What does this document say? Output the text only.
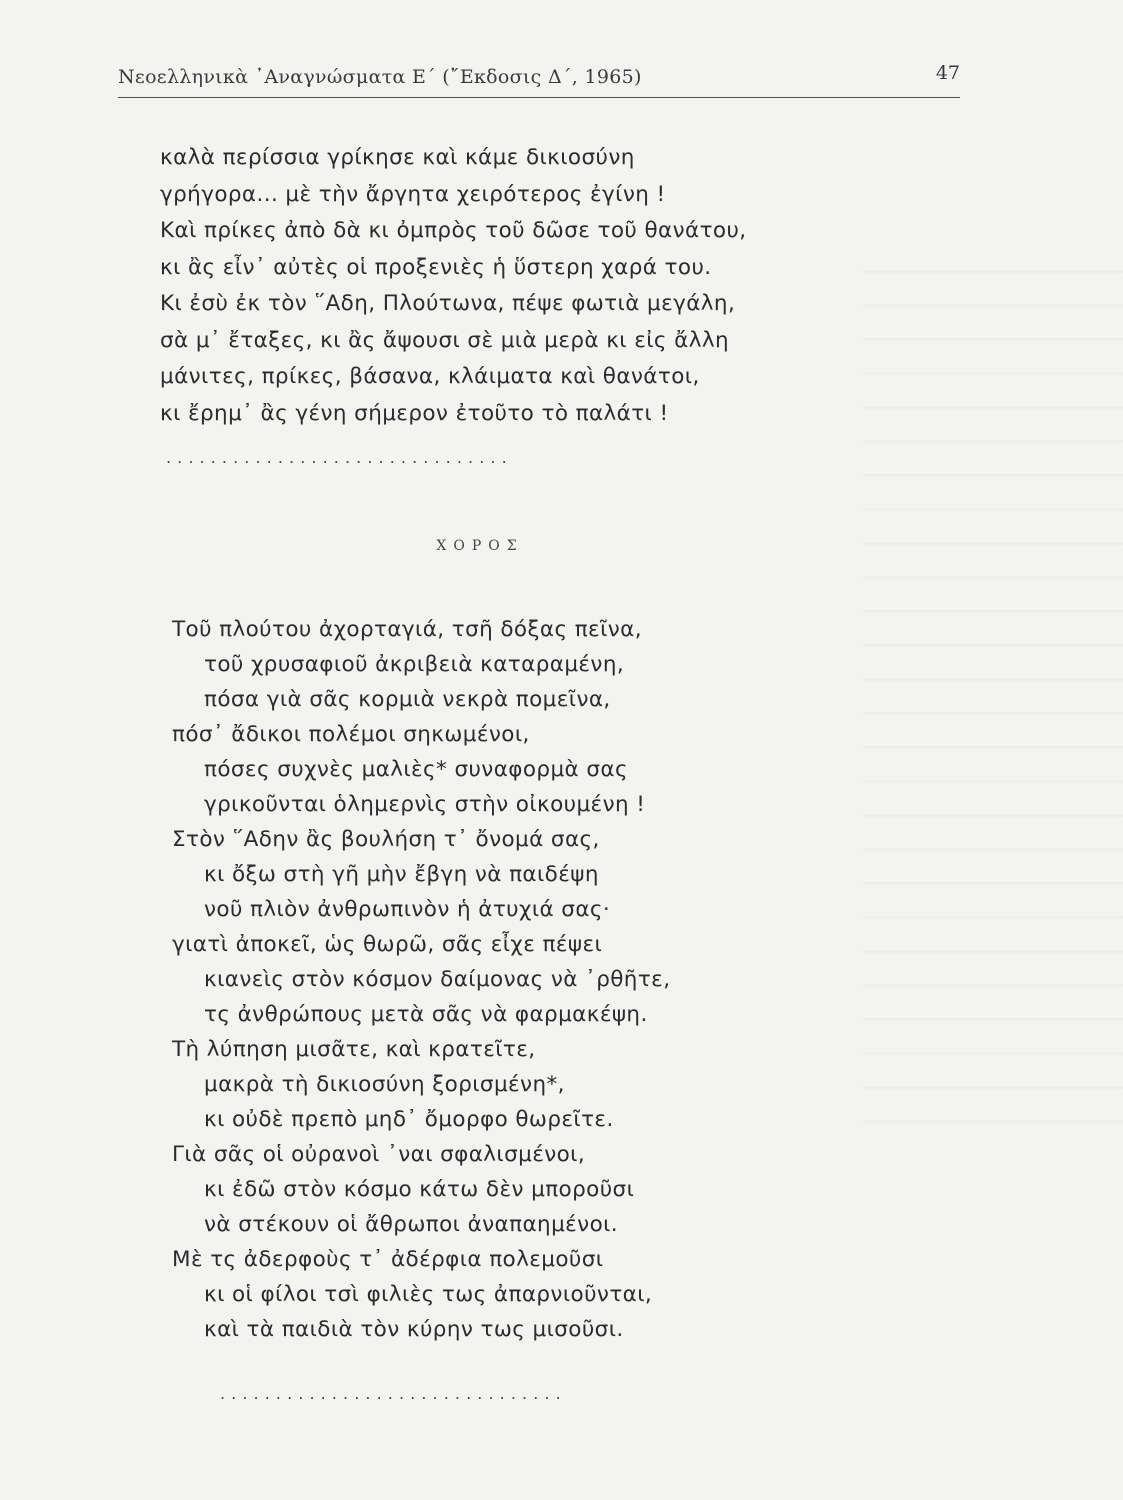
Νεοελληνικὰ ᾿Αναγνώσματα Ε΄ (῎Εκδοσις Δ΄, 1965)	47
καλὰ περίσσια γρίκησε καὶ κάμε δικιοσύνη
γρήγορα... μὲ τὴν ἄργητα χειρότερος ἐγίνη !
Καὶ πρίκες ἀπὸ δὰ κι ὀμπρὸς τοῦ δῶσε τοῦ θανάτου,
κι ἂς εἶν᾿ αὐτὲς οἱ προξενιὲς ἡ ὕστερη χαρά του.
Κι ἐσὺ ἐκ τὸν ῞Αδη, Πλούτωνα, πέψε φωτιὰ μεγάλη,
σὰ μ᾿ ἔταξες, κι ἂς ἄψουσι σὲ μιὰ μερὰ κι εἰς ἄλλη
μάνιτες, πρίκες, βάσανα, κλάιματα καὶ θανάτοι,
κι ἔρημ᾿ ἂς γένη σήμερον ἐτοῦτο τὸ παλάτι !
...............................
ΧΟΡΟΣ
Τοῦ πλούτου ἀχορταγιά, τσῆ δόξας πεῖνα,
τοῦ χρυσαφιοῦ ἀκριβειὰ καταραμένη,
πόσα γιὰ σᾶς κορμιὰ νεκρὰ πομεῖνα,
πόσ᾿ ἄδικοι πολέμοι σηκωμένοι,
πόσες συχνὲς μαλιὲς* συναφορμὰ σας
γρικοῦνται ὁλημερνὶς στὴν οἰκουμένη !
Στὸν ῞Αδην ἂς βουλήση τ᾿ ὄνομά σας,
κι ὄξω στὴ γῆ μὴν ἔβγη νὰ παιδέψη
νοῦ πλιὸν ἀνθρωπινὸν ἡ ἀτυχιά σας·
γιατὶ ἀποκεῖ, ὡς θωρῶ, σᾶς εἶχε πέψει
κιανεὶς στὸν κόσμον δαίμονας νὰ ᾿ρθῆτε,
τς ἀνθρώπους μετὰ σᾶς νὰ φαρμακέψη.
Τὴ λύπηση μισᾶτε, καὶ κρατεῖτε,
μακρὰ τὴ δικιοσύνη ξορισμένη*,
κι οὐδὲ πρεπὸ μηδ᾿ ὄμορφο θωρεῖτε.
Γιὰ σᾶς οἱ οὐρανοὶ ᾿ναι σφαλισμένοι,
κι ἐδῶ στὸν κόσμο κάτω δὲν μποροῦσι
νὰ στέκουν οἱ ἄθρωποι ἀναπαημένοι.
Μὲ τς ἀδερφοὺς τ᾿ ἀδέρφια πολεμοῦσι
κι οἱ φίλοι τσὶ φιλιὲς τως ἀπαρνιοῦνται,
καὶ τὰ παιδιὰ τὸν κύρην τως μισοῦσι.
...............................
